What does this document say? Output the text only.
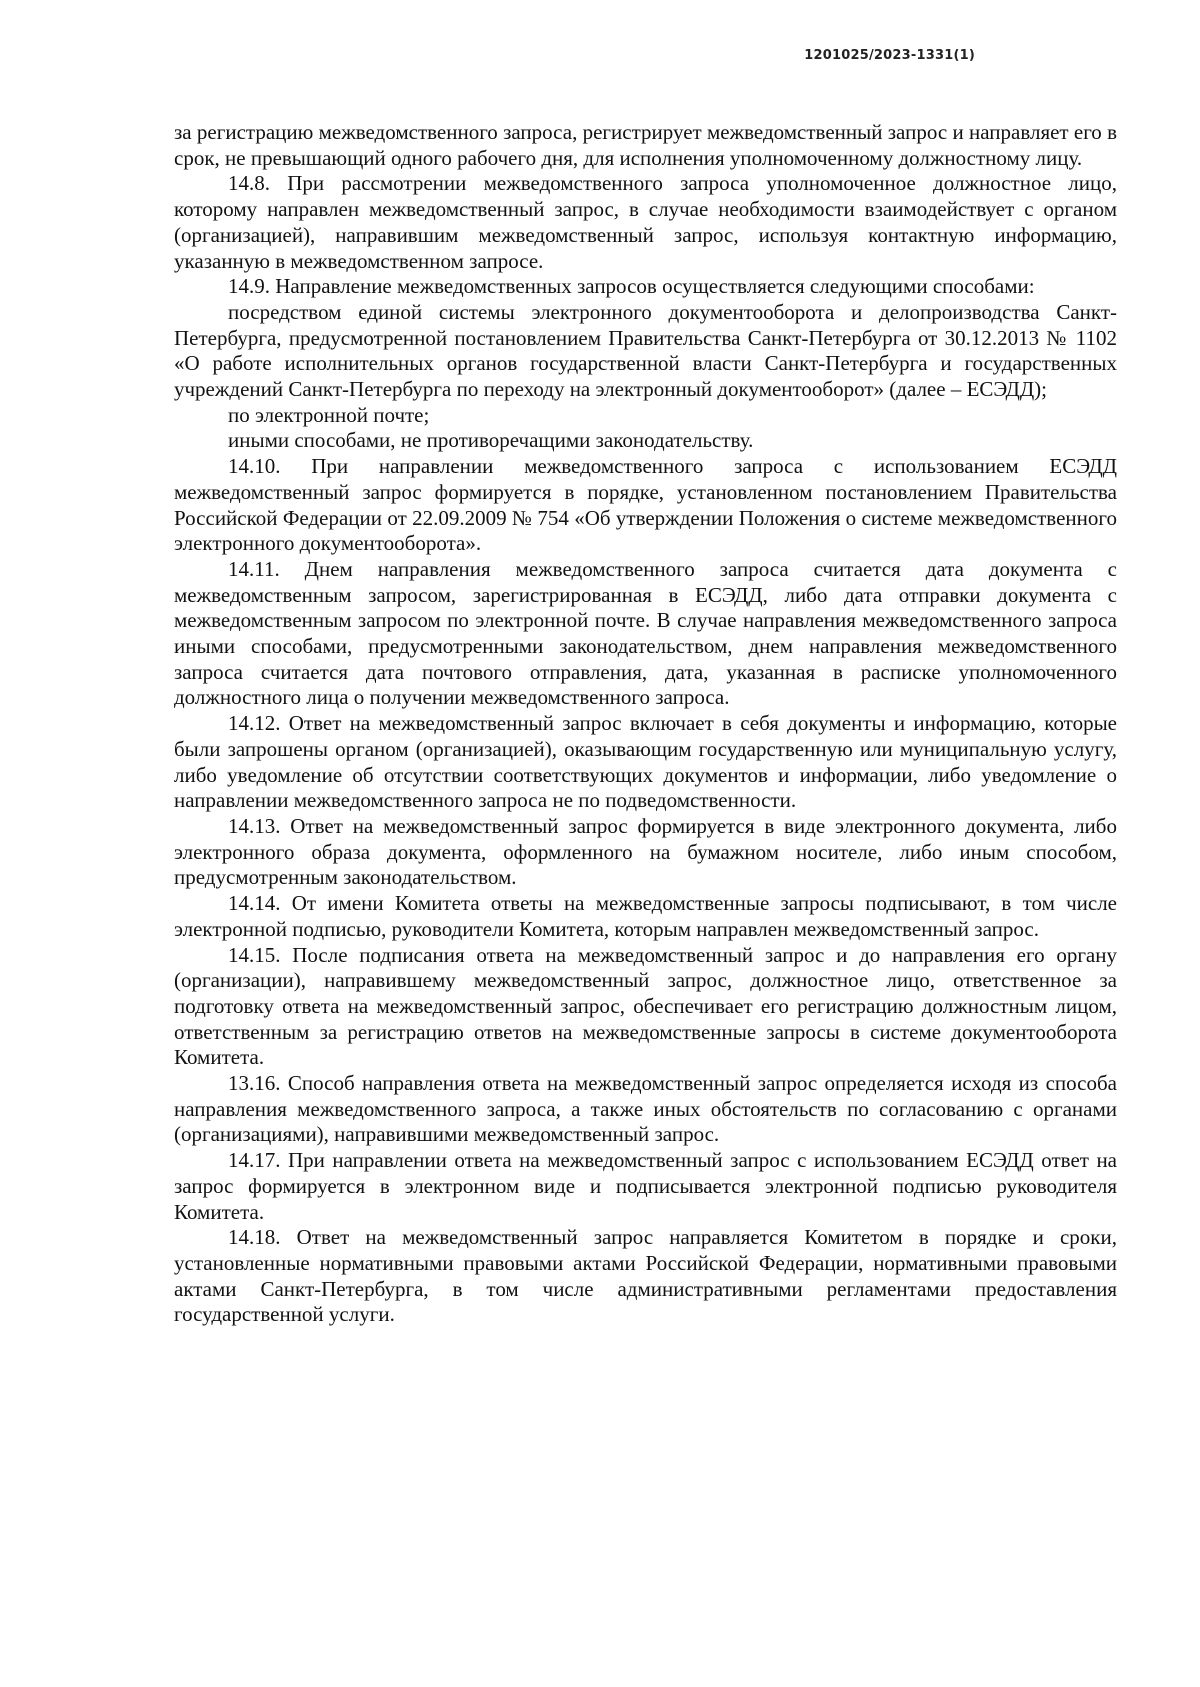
1201025/2023-1331(1)

за регистрацию межведомственного запроса, регистрирует межведомственный запрос и направляет его в срок, не превышающий одного рабочего дня, для исполнения уполномоченному должностному лицу.

14.8. При рассмотрении межведомственного запроса уполномоченное должностное лицо, которому направлен межведомственный запрос, в случае необходимости взаимодействует с органом (организацией), направившим межведомственный запрос, используя контактную информацию, указанную в межведомственном запросе.

14.9. Направление межведомственных запросов осуществляется следующими способами:

посредством единой системы электронного документооборота и делопроизводства Санкт-Петербурга, предусмотренной постановлением Правительства Санкт-Петербурга от 30.12.2013 № 1102 «О работе исполнительных органов государственной власти Санкт-Петербурга и государственных учреждений Санкт-Петербурга по переходу на электронный документооборот» (далее – ЕСЭДД);

по электронной почте;

иными способами, не противоречащими законодательству.

14.10. При направлении межведомственного запроса с использованием ЕСЭДД межведомственный запрос формируется в порядке, установленном постановлением Правительства Российской Федерации от 22.09.2009 № 754 «Об утверждении Положения о системе межведомственного электронного документооборота».

14.11. Днем направления межведомственного запроса считается дата документа с межведомственным запросом, зарегистрированная в ЕСЭДД, либо дата отправки документа с межведомственным запросом по электронной почте. В случае направления межведомственного запроса иными способами, предусмотренными законодательством, днем направления межведомственного запроса считается дата почтового отправления, дата, указанная в расписке уполномоченного должностного лица о получении межведомственного запроса.

14.12. Ответ на межведомственный запрос включает в себя документы и информацию, которые были запрошены органом (организацией), оказывающим государственную или муниципальную услугу, либо уведомление об отсутствии соответствующих документов и информации, либо уведомление о направлении межведомственного запроса не по подведомственности.

14.13. Ответ на межведомственный запрос формируется в виде электронного документа, либо электронного образа документа, оформленного на бумажном носителе, либо иным способом, предусмотренным законодательством.

14.14. От имени Комитета ответы на межведомственные запросы подписывают, в том числе электронной подписью, руководители Комитета, которым направлен межведомственный запрос.

14.15. После подписания ответа на межведомственный запрос и до направления его органу (организации), направившему межведомственный запрос, должностное лицо, ответственное за подготовку ответа на межведомственный запрос, обеспечивает его регистрацию должностным лицом, ответственным за регистрацию ответов на межведомственные запросы в системе документооборота Комитета.

13.16. Способ направления ответа на межведомственный запрос определяется исходя из способа направления межведомственного запроса, а также иных обстоятельств по согласованию с органами (организациями), направившими межведомственный запрос.

14.17. При направлении ответа на межведомственный запрос с использованием ЕСЭДД ответ на запрос формируется в электронном виде и подписывается электронной подписью руководителя Комитета.

14.18. Ответ на межведомственный запрос направляется Комитетом в порядке и сроки, установленные нормативными правовыми актами Российской Федерации, нормативными правовыми актами Санкт-Петербурга, в том числе административными регламентами предоставления государственной услуги.
